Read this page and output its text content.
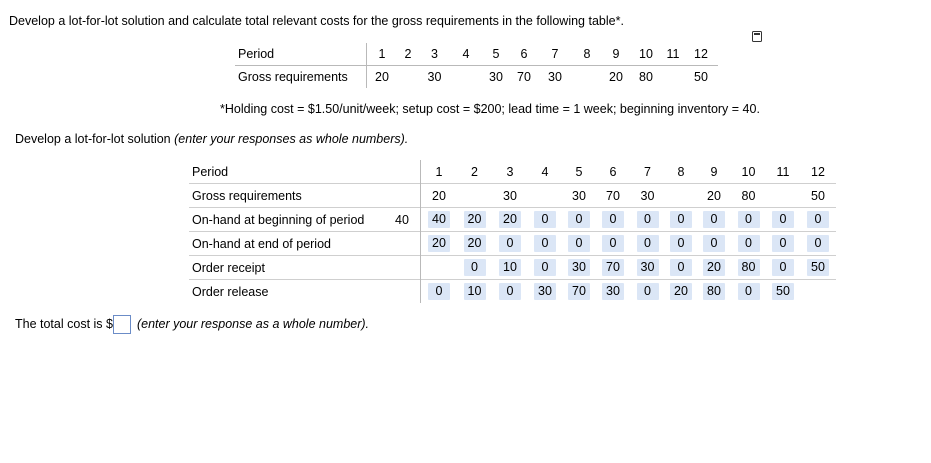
Develop a lot-for-lot solution and calculate total relevant costs for the gross requirements in the following table*.
Period	1	2	3	4	5	6	7	8	9	10	11	12
Gross requirements	20		30		30	70	30		20	80		50
*Holding cost = $1.50/unit/week; setup cost = $200; lead time = 1 week; beginning inventory = 40.
Develop a lot-for-lot solution (enter your responses as whole numbers).
Period		1	2	3	4	5	6	7	8	9	10	11	12
Gross requirements		20		30		30	70	30		20	80		50
On-hand at beginning of period	40	40	20	20	0	0	0	0	0	0	0	0	0
On-hand at end of period		20	20	0	0	0	0	0	0	0	0	0	0
Order receipt			0	10	0	30	70	30	0	20	80	0	50
Order release		0	10	0	30	70	30	0	20	80	0	50	
The total cost is $ (enter your response as a whole number).
